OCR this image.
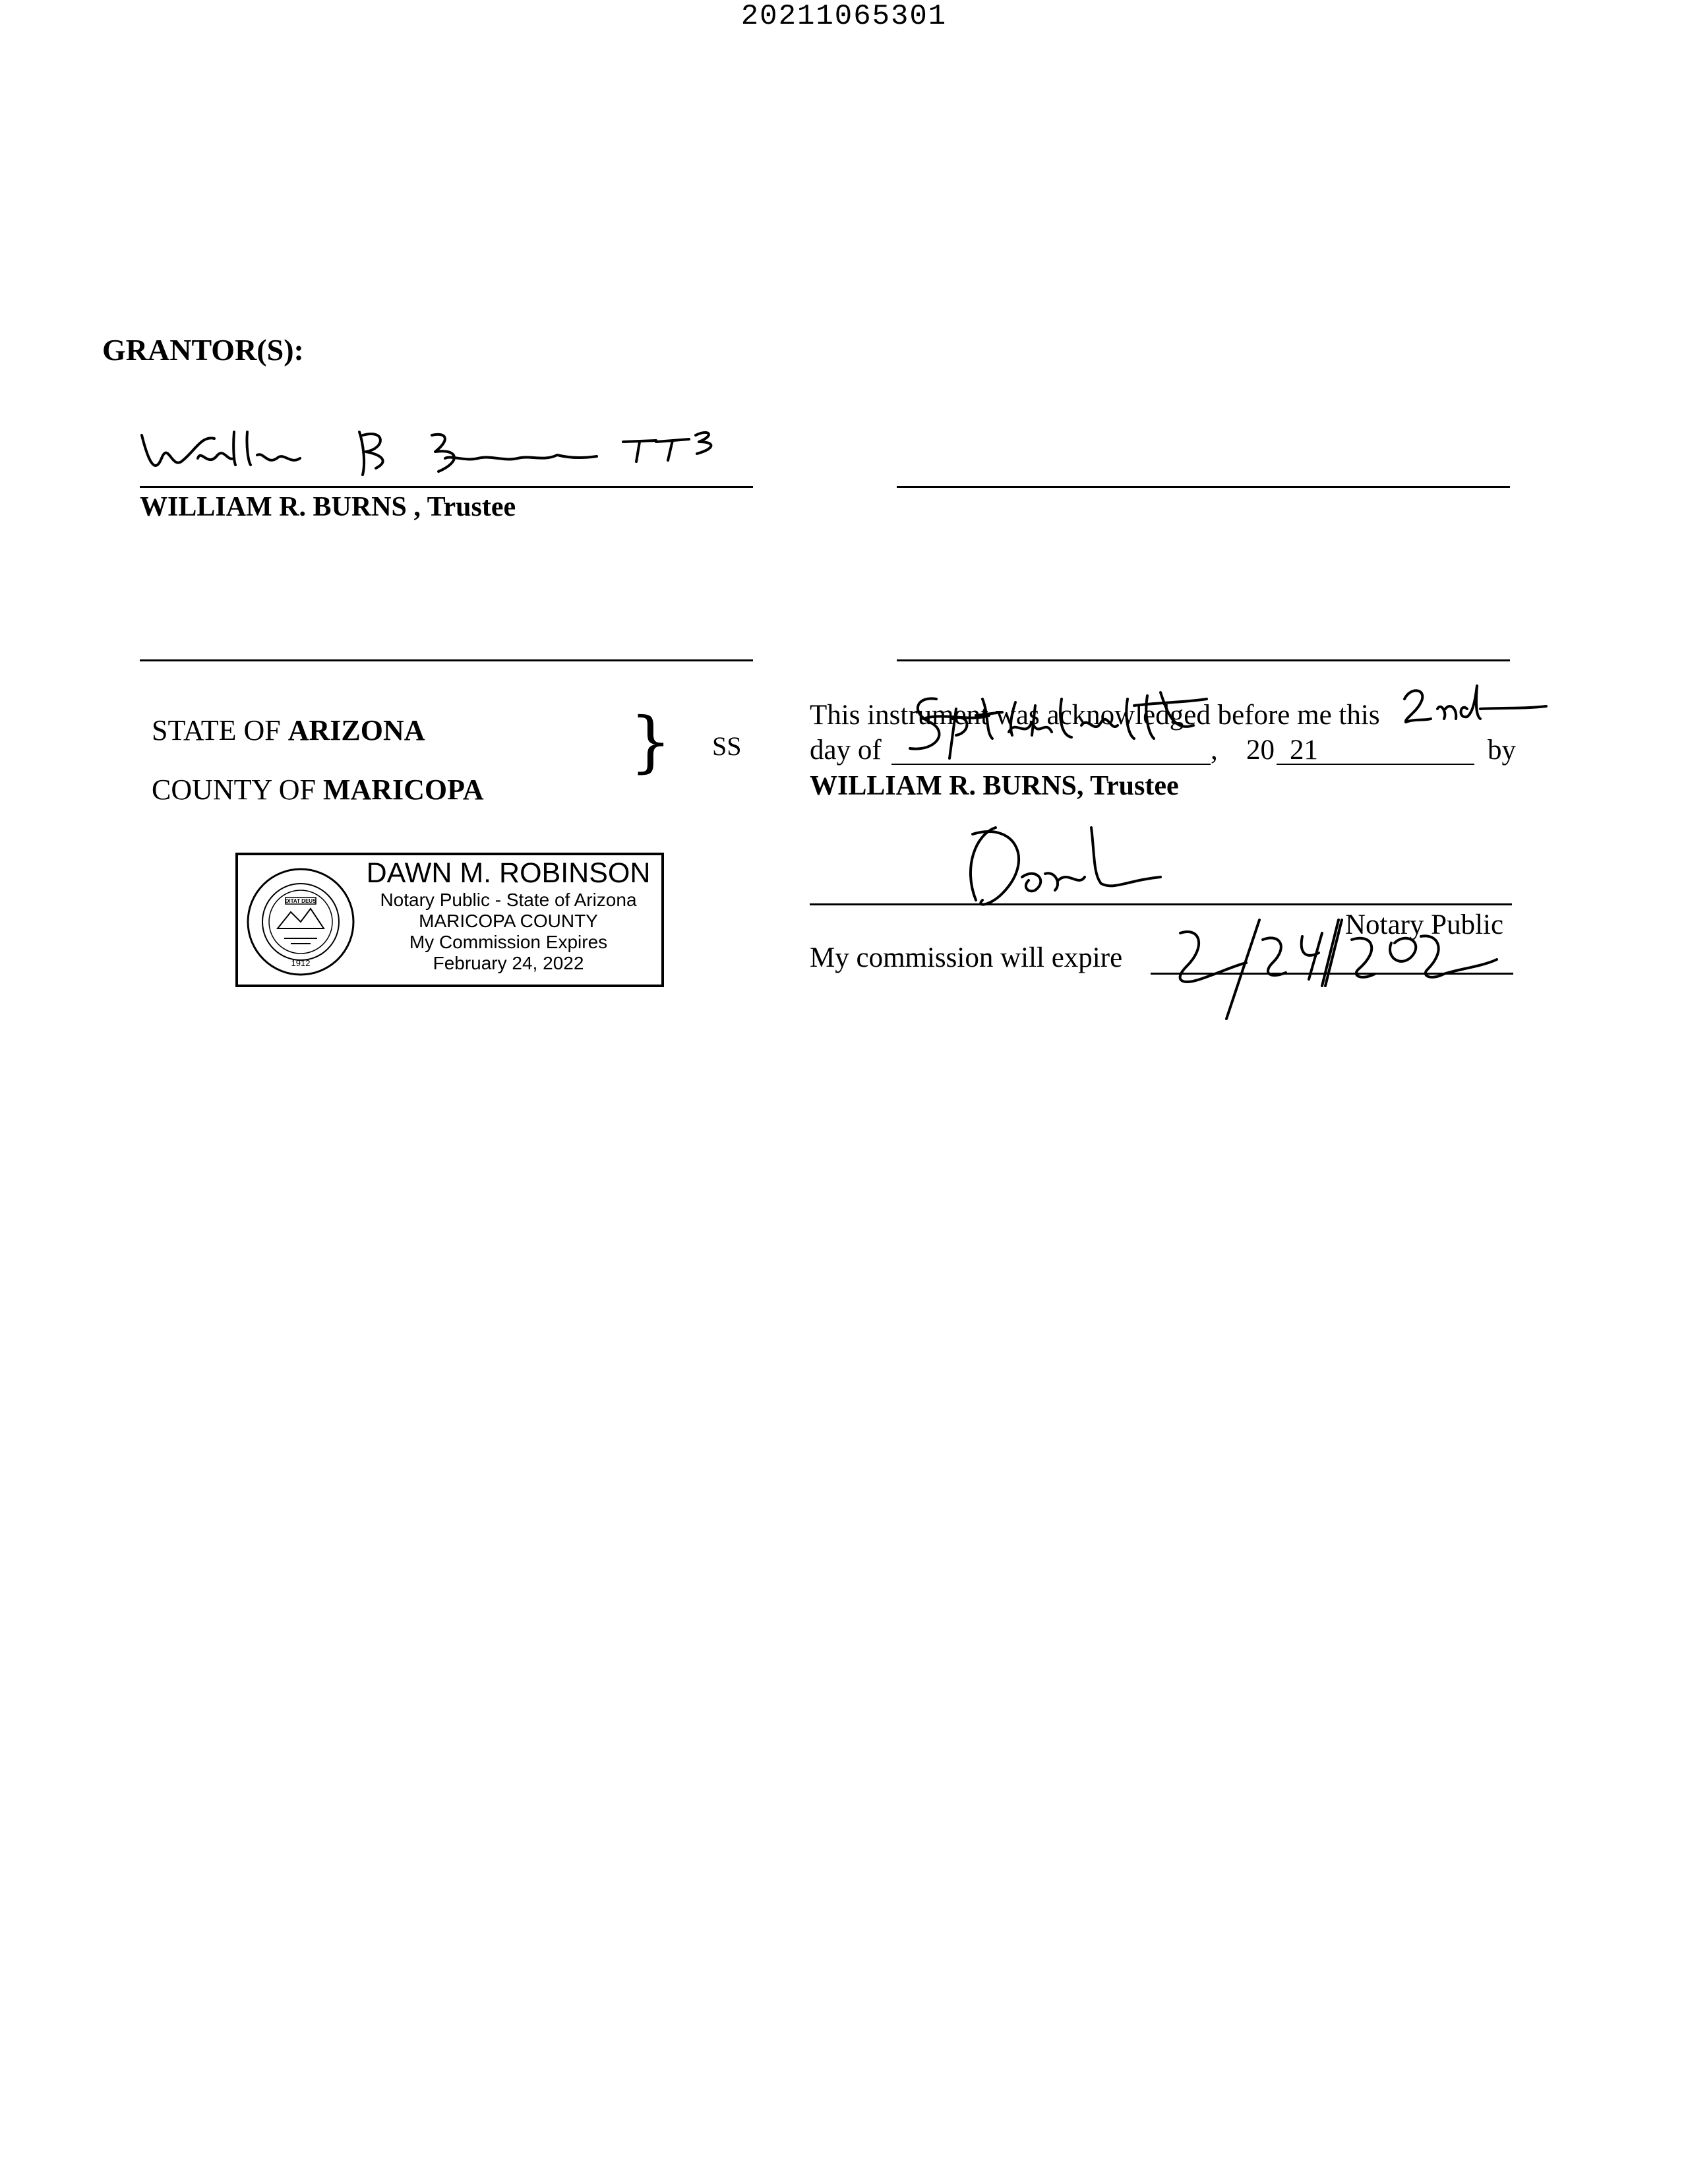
20211065301
GRANTOR(S):
WILLIAM R. BURNS , Trustee
STATE OF ARIZONA
COUNTY OF MARICOPA
} SS
This instrument was acknowledged before me this
day of	, 20 21	by
WILLIAM R. BURNS, Trustee
Notary Public
My commission will expire
DITAT DEUS
1912
DAWN M. ROBINSON
Notary Public - State of Arizona
MARICOPA COUNTY
My Commission Expires
February 24, 2022
